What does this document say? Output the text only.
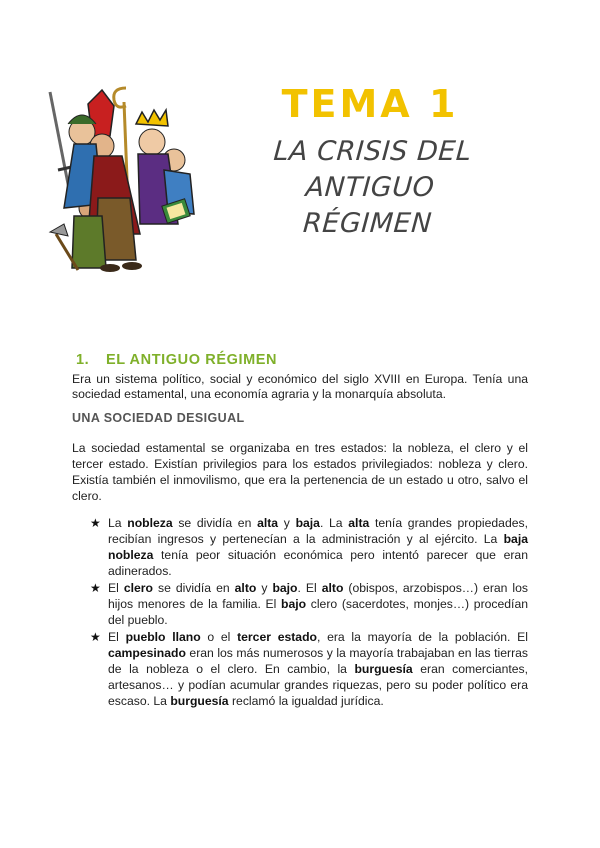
TEMA 1
LA CRISIS DEL ANTIGUO
RÉGIMEN
1. EL ANTIGUO RÉGIMEN
Era un sistema político, social y económico del siglo XVIII en Europa. Tenía una sociedad estamental, una economía agraria y la monarquía absoluta.
UNA SOCIEDAD DESIGUAL
La sociedad estamental se organizaba en tres estados: la nobleza, el clero y el tercer estado. Existían privilegios para los estados privilegiados: nobleza y clero. Existía también el inmovilismo, que era la pertenencia de un estado u otro, salvo el clero.
★ La nobleza se dividía en alta y baja. La alta tenía grandes propiedades, recibían ingresos y pertenecían a la administración y al ejército. La baja nobleza tenía peor situación económica pero intentó parecer que eran adinerados.
★ El clero se dividía en alto y bajo. El alto (obispos, arzobispos…) eran los hijos menores de la familia. El bajo clero (sacerdotes, monjes…) procedían del pueblo.
★ El pueblo llano o el tercer estado, era la mayoría de la población. El campesinado eran los más numerosos y la mayoría trabajaban en las tierras de la nobleza o el clero. En cambio, la burguesía eran comerciantes, artesanos… y podían acumular grandes riquezas, pero su poder político era escaso. La burguesía reclamó la igualdad jurídica.
